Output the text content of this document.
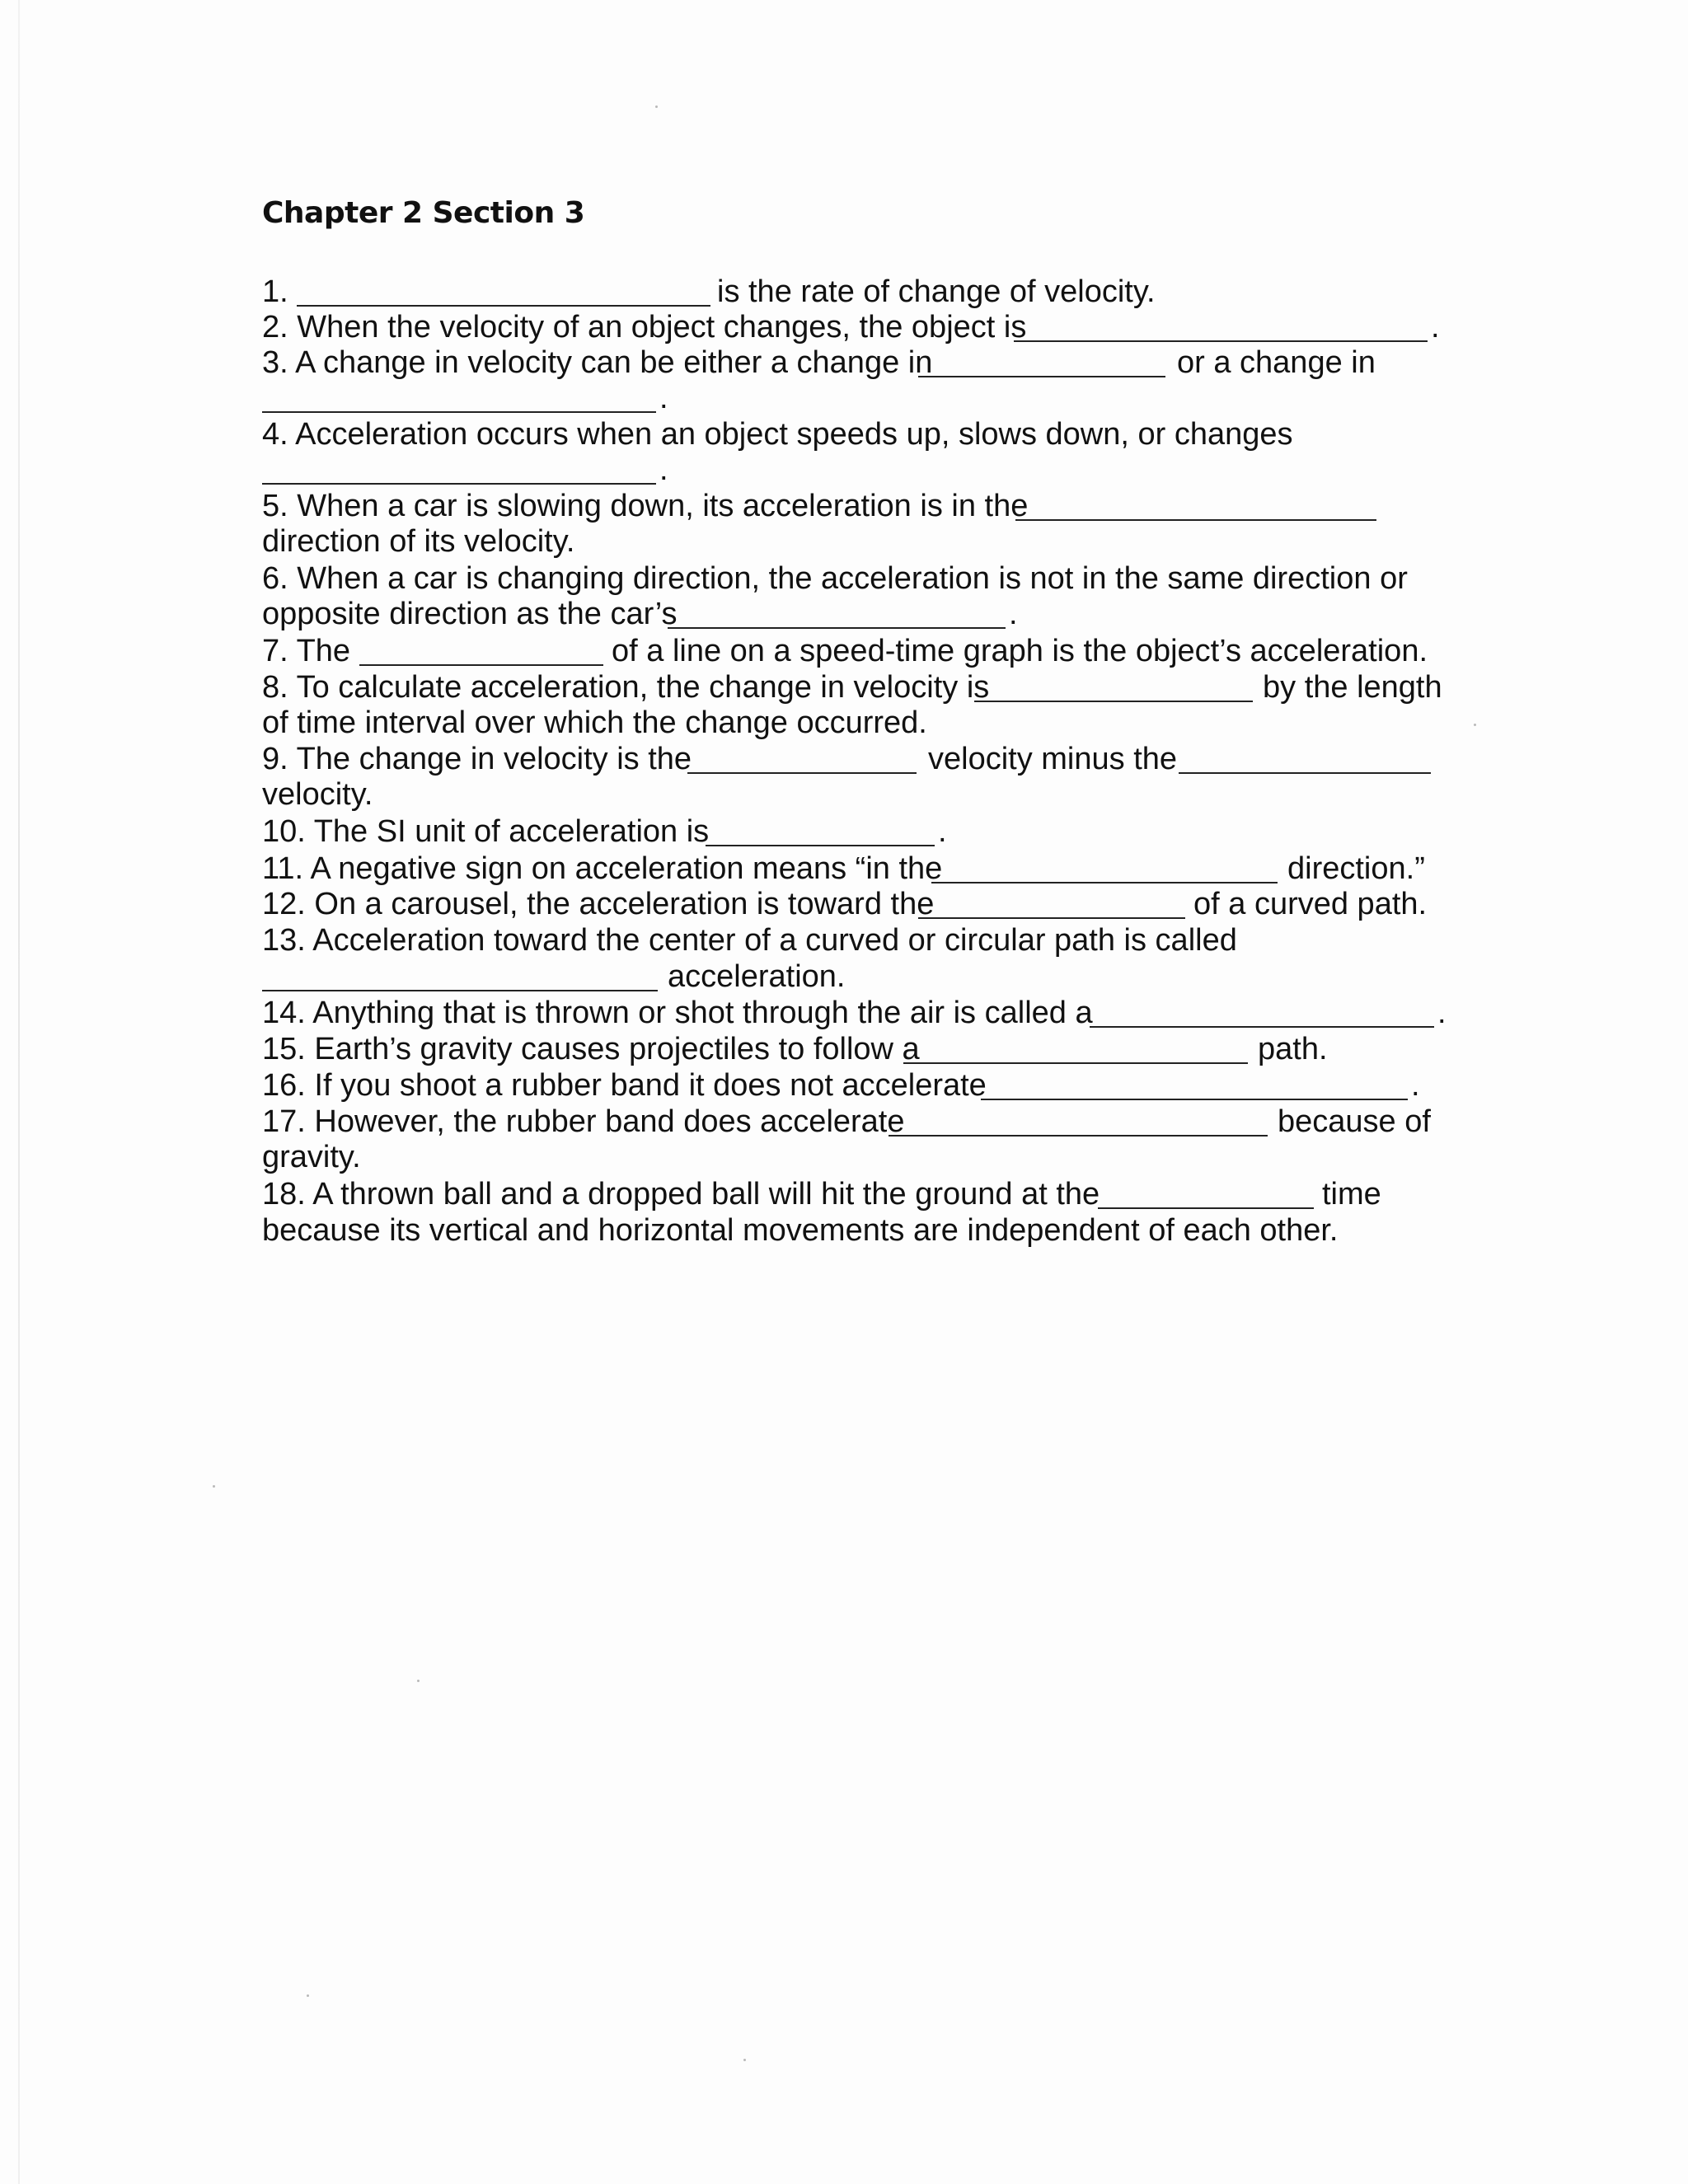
Chapter 2 Section 3
1.	is the rate of change of velocity.
2. When the velocity of an object changes, the object is	.
3. A change in velocity can be either a change in	or a change in
.
4. Acceleration occurs when an object speeds up, slows down, or changes
.
5. When a car is slowing down, its acceleration is in the
direction of its velocity.
6. When a car is changing direction, the acceleration is not in the same direction or
opposite direction as the car’s	.
7. The	of a line on a speed-time graph is the object’s acceleration.
8. To calculate acceleration, the change in velocity is	by the length
of time interval over which the change occurred.
9. The change in velocity is the	velocity minus the
velocity.
10. The SI unit of acceleration is	.
11. A negative sign on acceleration means “in the	direction.”
12. On a carousel, the acceleration is toward the	of a curved path.
13. Acceleration toward the center of a curved or circular path is called
acceleration.
14. Anything that is thrown or shot through the air is called a	.
15. Earth’s gravity causes projectiles to follow a	path.
16. If you shoot a rubber band it does not accelerate	.
17. However, the rubber band does accelerate	because of
gravity.
18. A thrown ball and a dropped ball will hit the ground at the	time
because its vertical and horizontal movements are independent of each other.
